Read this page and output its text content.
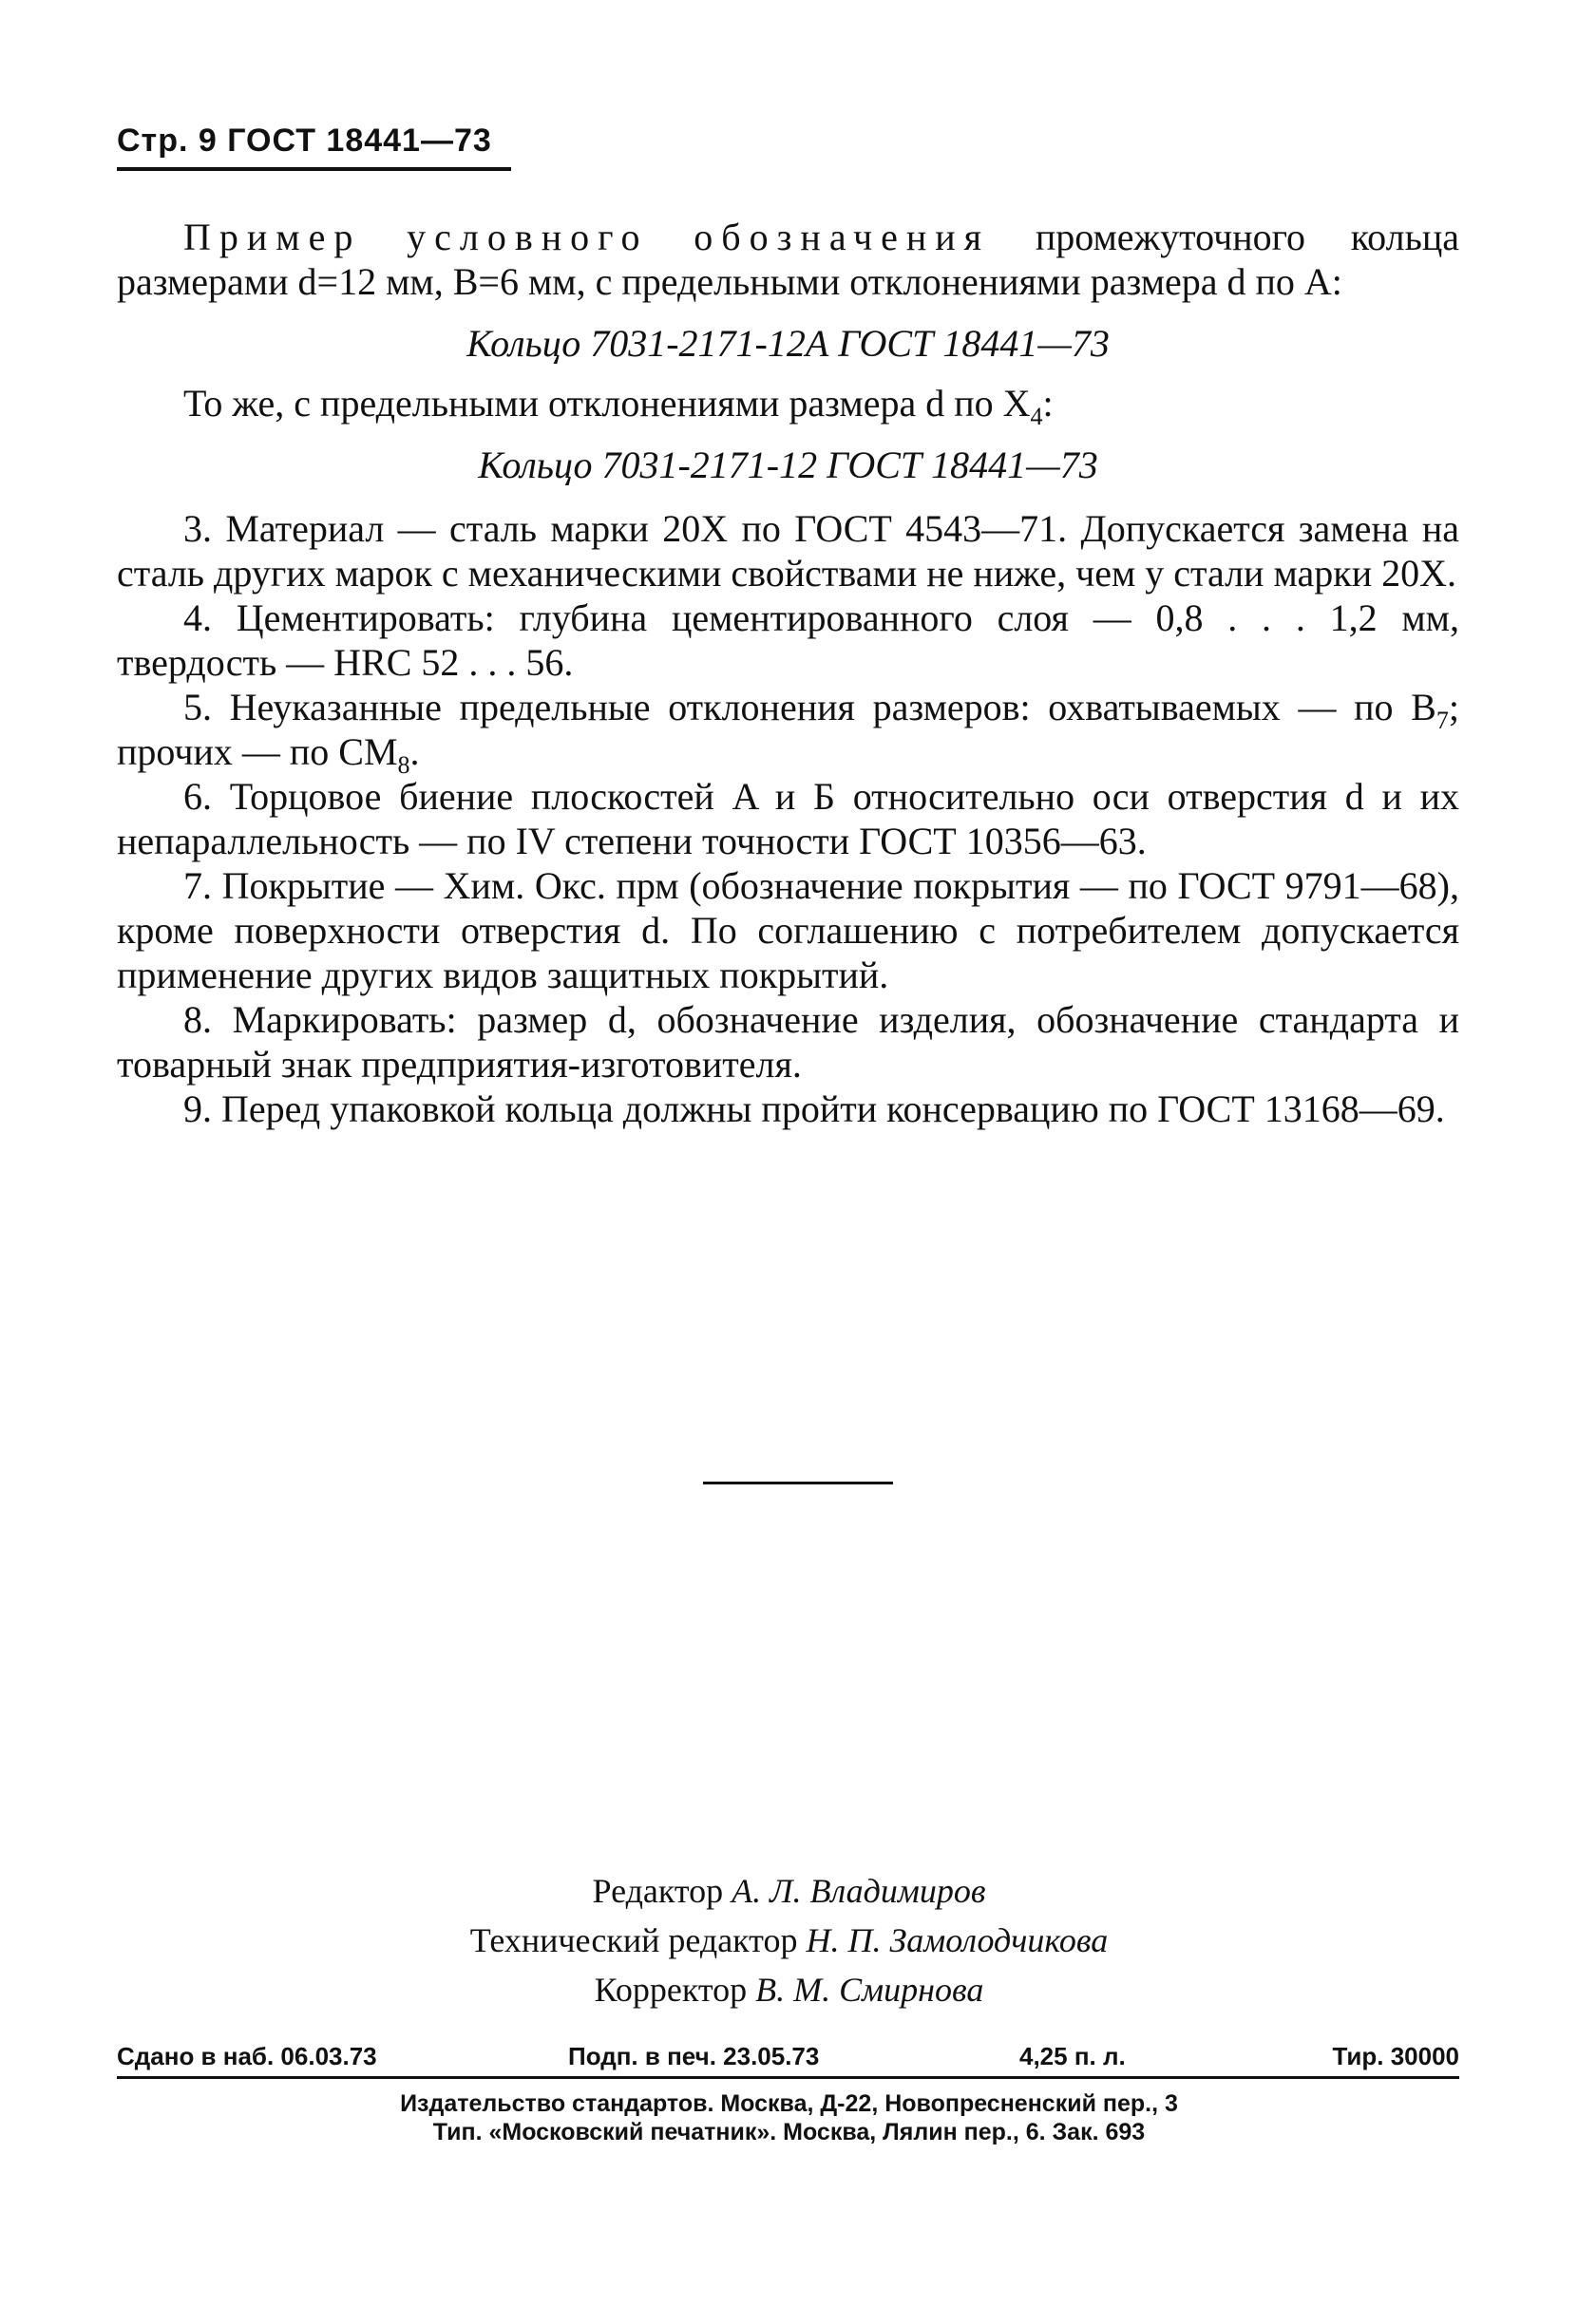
Стр. 9 ГОСТ 18441—73

Пример условного обозначения промежуточного кольца размерами d=12 мм, B=6 мм, с предельными отклонениями размера d по A:

Кольцо 7031-2171-12А ГОСТ 18441—73

То же, с предельными отклонениями размера d по $X_4$:

Кольцо 7031-2171-12 ГОСТ 18441—73

3. Материал — сталь марки 20Х по ГОСТ 4543—71. Допускается замена на сталь других марок с механическими свойствами не ниже, чем у стали марки 20Х.

4. Цементировать: глубина цементированного слоя — 0,8 . . . 1,2 мм, твердость — HRC 52 . . . 56.

5. Неуказанные предельные отклонения размеров: охватываемых — по $B_7$; прочих — по $CM_8$.

6. Торцовое биение плоскостей A и Б относительно оси отверстия d и их непараллельность — по IV степени точности ГОСТ 10356—63.

7. Покрытие — Хим. Окс. прм (обозначение покрытия — по ГОСТ 9791—68), кроме поверхности отверстия d. По соглашению с потребителем допускается применение других видов защитных покрытий.

8. Маркировать: размер d, обозначение изделия, обозначение стандарта и товарный знак предприятия-изготовителя.

9. Перед упаковкой кольца должны пройти консервацию по ГОСТ 13168—69.

Редактор А. Л. Владимиров
Технический редактор Н. П. Замолодчикова
Корректор В. М. Смирнова
Сдано в наб. 06.03.73	Подп. в печ. 23.05.73	4,25 п. л.	Тир. 30000
Издательство стандартов. Москва, Д-22, Новопресненский пер., 3
Тип. «Московский печатник». Москва, Лялин пер., 6. Зак. 693
